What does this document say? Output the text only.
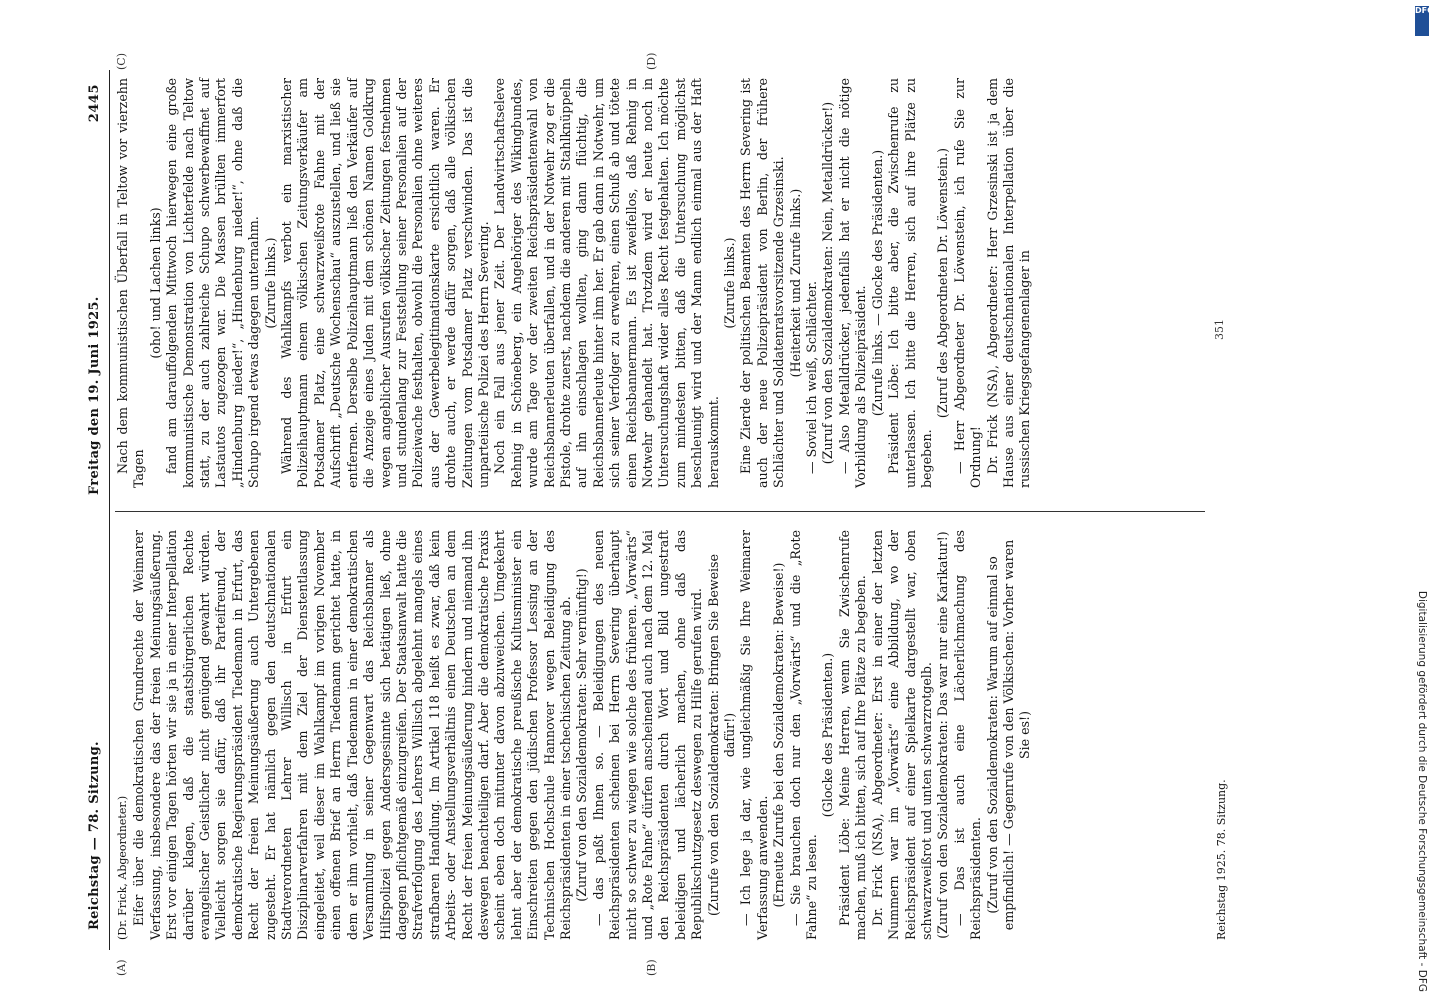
Reichstag — 78. Sitzung.
Freitag den 19. Juni 1925.
2445
(A)	(B)
(C)	(D)

(Dr. Frick, Abgeordneter.) Eifer über die demokratischen Grundrechte der Weimarer Verfassung, insbesondere das der freien Meinungsäußerung. Erst vor einigen Tagen hörten wir sie ja in einer Interpellation darüber klagen, daß die staatsbürgerlichen Rechte evangelischer Geistlicher nicht genügend gewahrt würden. Vielleicht sorgen sie dafür, daß ihr Parteifreund, der demokratische Regierungspräsident Tiedemann in Erfurt, das Recht der freien Meinungsäußerung auch Untergebenen zugesteht. Er hat nämlich gegen den deutschnationalen Stadtverordneten Lehrer Willisch in Erfurt ein Disziplinarverfahren mit dem Ziel der Dienstentlassung eingeleitet, weil dieser im Wahlkampf im vorigen November einen offenen Brief an Herrn Tiedemann gerichtet hatte, in dem er ihm vorhielt, daß Tiedemann in einer demokratischen Versammlung in seiner Gegenwart das Reichsbanner als Hilfspolizei gegen Andersgesinnte sich betätigen ließ, ohne dagegen pflichtgemäß einzugreifen. Der Staatsanwalt hatte die Strafverfolgung des Lehrers Willisch abgelehnt mangels eines strafbaren Handlung. Im Artikel 118 heißt es zwar, daß kein Arbeits- oder Anstellungsverhältnis einen Deutschen an dem Recht der freien Meinungsäußerung hindern und niemand ihn deswegen benachteiligen darf. Aber die demokratische Praxis scheint eben doch mitunter davon abzuweichen. Umgekehrt lehnt aber der demokratische preußische Kultusminister ein Einschreiten gegen den jüdischen Professor Lessing an der Technischen Hochschule Hannover wegen Beleidigung des Reichspräsidenten in einer tschechischen Zeitung ab. (Zuruf von den Sozialdemokraten: Sehr vernünftig!) — das paßt Ihnen so. — Beleidigungen des neuen Reichspräsidenten scheinen bei Herrn Severing überhaupt nicht so schwer zu wiegen wie solche des früheren. „Vorwärts“ und „Rote Fahne“ dürfen anscheinend auch nach dem 12. Mai den Reichspräsidenten durch Wort und Bild ungestraft beleidigen und lächerlich machen, ohne daß das Republikschutzgesetz deswegen zu Hilfe gerufen wird. (Zurufe von den Sozialdemokraten: Bringen Sie Beweise dafür!) — Ich lege ja dar, wie ungleichmäßig Sie Ihre Weimarer Verfassung anwenden. (Erneute Zurufe bei den Sozialdemokraten: Beweise!) — Sie brauchen doch nur den „Vorwärts“ und die „Rote Fahne“ zu lesen.

(Glocke des Präsidenten.) Präsident Löbe: Meine Herren, wenn Sie Zwischenrufe machen, muß ich bitten, sich auf Ihre Plätze zu begeben. Dr. Frick (NSA), Abgeordneter: Erst in einer der letzten Nummern war im „Vorwärts“ eine Abbildung, wo der Reichspräsident auf einer Spielkarte dargestellt war, oben schwarzweißrot und unten schwarzrotgelb. (Zuruf von den Sozialdemokraten: Das war nur eine Karikatur!) — Das ist auch eine Lächerlichmachung des Reichspräsidenten. (Zuruf von den Sozialdemokraten: Warum auf einmal so empfindlich! — Gegenrufe von den Völkischen: Vorher waren Sie es!)

Nach dem kommunistischen Überfall in Teltow vor vierzehn Tagen

(oho! und Lachen links) fand am darauffolgenden Mittwoch hierwegen eine große kommunistische Demonstration von Lichterfelde nach Teltow statt, zu der auch zahlreiche Schupo schwerbewaffnet auf Lastautos zugezogen war. Die Massen brüllten immerfort „Hindenburg nieder!“, „Hindenburg nieder!“, ohne daß die Schupo irgend etwas dagegen unternahm. (Zurufe links.) Während des Wahlkampfs verbot ein marxistischer Polizeihauptmann einem völkischen Zeitungsverkäufer am Potsdamer Platz, eine schwarzweißrote Fahne mit der Aufschrift „Deutsche Wochenschau“ auszustellen, und ließ sie entfernen. Derselbe Polizeihauptmann ließ den Verkäufer auf die Anzeige eines Juden mit dem schönen Namen Goldkrug wegen angeblicher Ausrufen völkischer Zeitungen festnehmen und stundenlang zur Feststellung seiner Personalien auf der Polizeiwache festhalten, obwohl die Personalien ohne weiteres aus der Gewerbelegitimationskarte ersichtlich waren. Er drohte auch, er werde dafür sorgen, daß alle völkischen Zeitungen vom Potsdamer Platz verschwinden. Das ist die unparteiische Polizei des Herrn Severing. Noch ein Fall aus jener Zeit. Der Landwirtschaftseleve Rehnig in Schöneberg, ein Angehöriger des Wikingbundes, wurde am Tage vor der zweiten Reichspräsidentenwahl von Reichsbannerleuten überfallen, und in der Notwehr zog er die Pistole, drohte zuerst, nachdem die anderen mit Stahlknüppeln auf ihn einschlagen wollten, ging dann flüchtig, die Reichsbannerleute hinter ihm her. Er gab dann in Notwehr, um sich seiner Verfolger zu erwehren, einen Schuß ab und tötete einen Reichsbannermann. Es ist zweifellos, daß Rehnig in Notwehr gehandelt hat. Trotzdem wird er heute noch in Untersuchungshaft wider alles Recht festgehalten. Ich möchte zum mindesten bitten, daß die Untersuchung möglichst beschleunigt wird und der Mann endlich einmal aus der Haft herauskommt.

(Zurufe links.) Eine Zierde der politischen Beamten des Herrn Severing ist auch der neue Polizeipräsident von Berlin, der frühere Schlächter und Soldatenratsvorsitzende Grzesinski. (Heiterkeit und Zurufe links.) — Soviel ich weiß, Schlächter. (Zuruf von den Sozialdemokraten: Nein, Metalldrücker!) — Also Metalldrücker, jedenfalls hat er nicht die nötige Vorbildung als Polizeipräsident. (Zurufe links. — Glocke des Präsidenten.) Präsident Löbe: Ich bitte aber, die Zwischenrufe zu unterlassen. Ich bitte die Herren, sich auf ihre Plätze zu begeben.

(Zuruf des Abgeordneten Dr. Löwenstein.) — Herr Abgeordneter Dr. Löwenstein, ich rufe Sie zur Ordnung! Dr. Frick (NSA), Abgeordneter: Herr Grzesinski ist ja dem Hause aus einer deutschnationalen Interpellation über die russischen Kriegsgefangenenlager in

Reichstag 1925. 78. Sitzung.
351
Digitalisierung gefördert durch die Deutsche Forschungsgemeinschaft - DFG
DFG
